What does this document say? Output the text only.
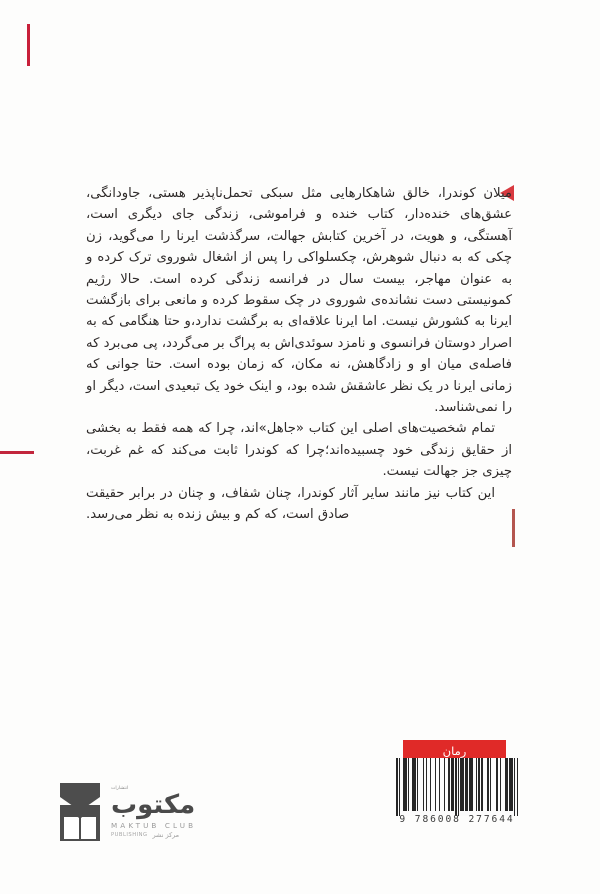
میلان کوندرا، خالق شاهکارهایی مثل سبکی تحمل‌ناپذیر هستی، جاودانگی، عشق‌های خنده‌دار، کتاب خنده و فراموشی، زندگی جای دیگری است، آهستگی، و هویت، در آخرین کتابش جهالت، سرگذشت ایرنا را می‌گوید، زن چکی که به دنبال شوهرش، چکسلواکی را پس از اشغال شوروی ترک کرده و به عنوان مهاجر، بیست سال در فرانسه زندگی کرده است. حالا رژیم کمونیستی دست نشانده‌ی شوروی در چک سقوط کرده و مانعی برای بازگشت ایرنا به کشورش نیست. اما ایرنا علاقه‌ای به برگشت ندارد،و حتا هنگامی که به اصرار دوستان فرانسوی و نامزد سوئدی‌اش به پراگ بر می‌گردد، پی می‌برد که فاصله‌ی میان او و زادگاهش، نه مکان، که زمان بوده است. حتا جوانی که زمانی ایرنا در یک نظر عاشقش شده بود، و اینک خود یک تبعیدی است، دیگر او را نمی‌شناسد.

تمام شخصیت‌های اصلی این کتاب «جاهل»اند، چرا که همه فقط به بخشی از حقایق زندگی خود چسبیده‌اند؛چرا که کوندرا ثابت می‌کند که غم غربت، چیزی جز جهالت نیست.

این کتاب نیز مانند سایر آثار کوندرا، چنان شفاف، و چنان در برابر حقیقت صادق است، که کم و بیش زنده به نظر می‌رسد.

انتشارات
مکتوب
MAKTUB CLUB
PUBLISHING مرکز نشر
رمان
9 786008 277644
